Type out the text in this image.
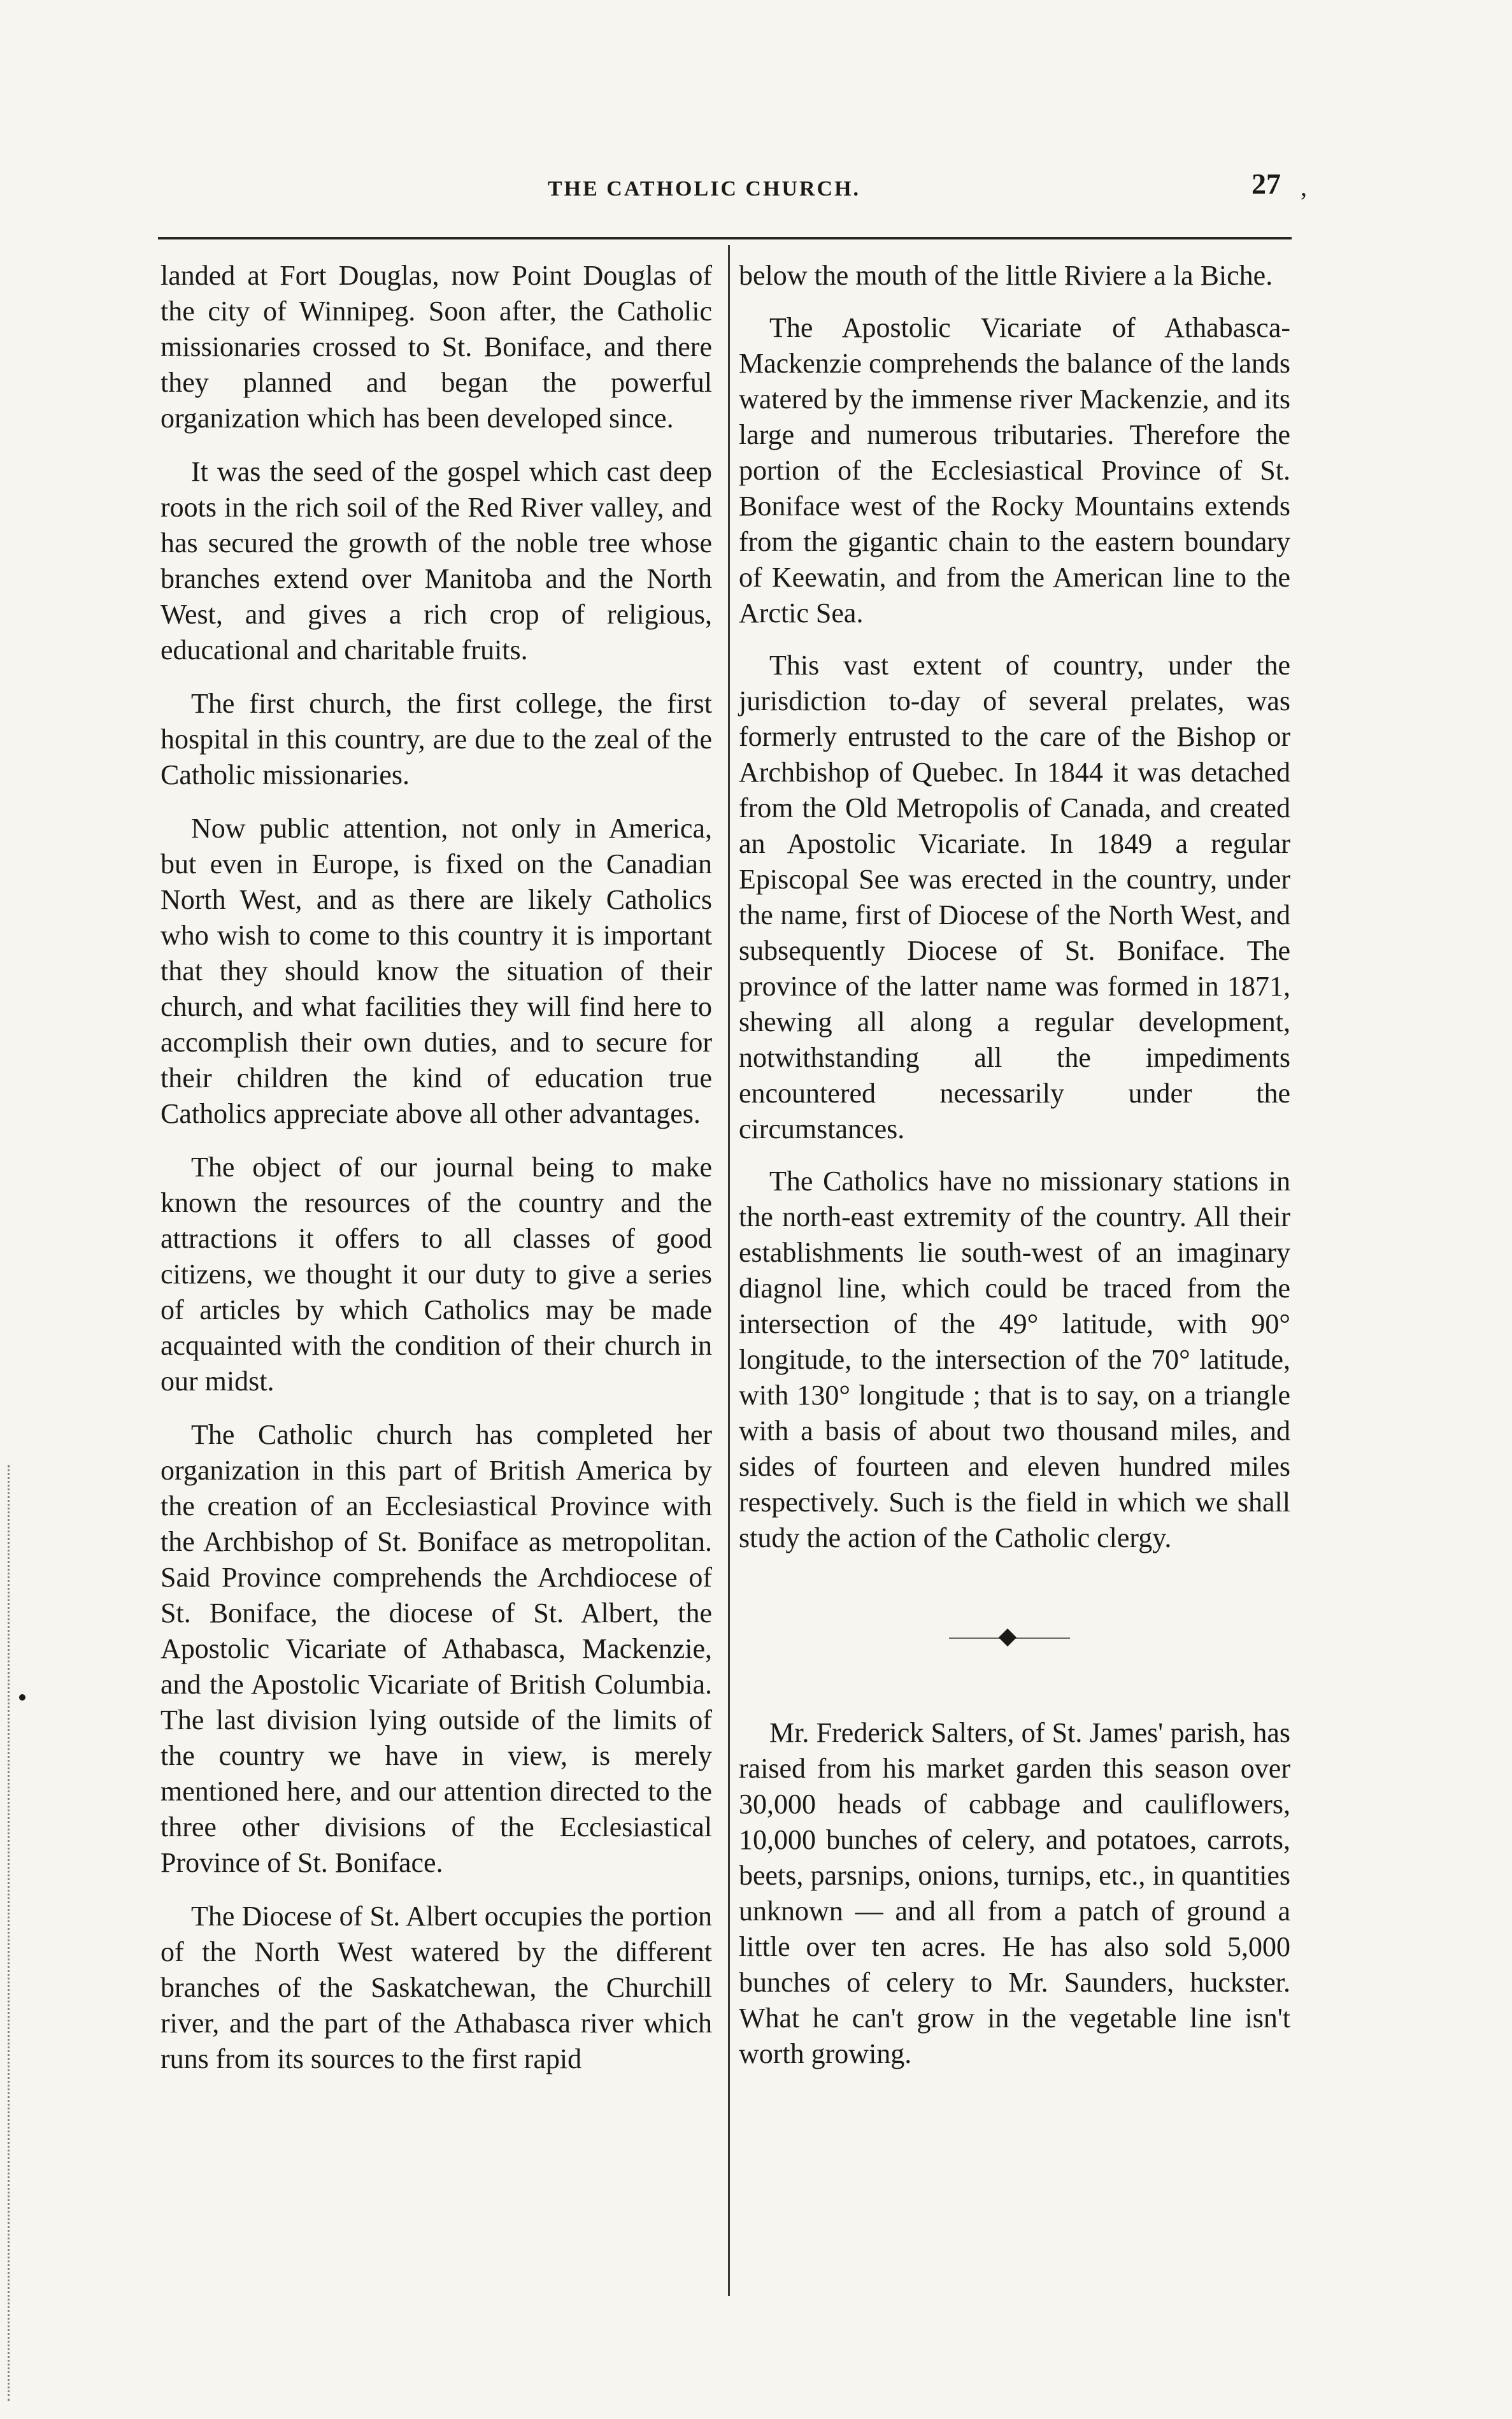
THE CATHOLIC CHURCH.	27 ‚

landed at Fort Douglas, now Point Douglas of the city of Winnipeg. Soon after, the Catholic missionaries crossed to St. Boniface, and there they planned and began the powerful organization which has been developed since.

It was the seed of the gospel which cast deep roots in the rich soil of the Red River valley, and has secured the growth of the noble tree whose branches extend over Manitoba and the North West, and gives a rich crop of religious, educational and charitable fruits.

The first church, the first college, the first hospital in this country, are due to the zeal of the Catholic missionaries.

Now public attention, not only in America, but even in Europe, is fixed on the Canadian North West, and as there are likely Catholics who wish to come to this country it is important that they should know the situation of their church, and what facilities they will find here to accomplish their own duties, and to secure for their children the kind of education true Catholics appreciate above all other advantages.

The object of our journal being to make known the resources of the country and the attractions it offers to all classes of good citizens, we thought it our duty to give a series of articles by which Catholics may be made acquainted with the condition of their church in our midst.

The Catholic church has completed her organization in this part of British America by the creation of an Ecclesiastical Province with the Archbishop of St. Boniface as metropolitan. Said Province comprehends the Archdiocese of St. Boniface, the diocese of St. Albert, the Apostolic Vicariate of Athabasca, Mackenzie, and the Apostolic Vicariate of British Columbia. The last division lying outside of the limits of the country we have in view, is merely mentioned here, and our attention directed to the three other divisions of the Ecclesiastical Province of St. Boniface.

The Diocese of St. Albert occupies the portion of the North West watered by the different branches of the Saskatchewan, the Churchill river, and the part of the Athabasca river which runs from its sources to the first rapid

below the mouth of the little Riviere a la Biche.

The Apostolic Vicariate of Athabasca-Mackenzie comprehends the balance of the lands watered by the immense river Mackenzie, and its large and numerous tributaries. Therefore the portion of the Ecclesiastical Province of St. Boniface west of the Rocky Mountains extends from the gigantic chain to the eastern boundary of Keewatin, and from the American line to the Arctic Sea.

This vast extent of country, under the jurisdiction to-day of several prelates, was formerly entrusted to the care of the Bishop or Archbishop of Quebec. In 1844 it was detached from the Old Metropolis of Canada, and created an Apostolic Vicariate. In 1849 a regular Episcopal See was erected in the country, under the name, first of Diocese of the North West, and subsequently Diocese of St. Boniface. The province of the latter name was formed in 1871, shewing all along a regular development, notwithstanding all the impediments encountered necessarily under the circumstances.

The Catholics have no missionary stations in the north-east extremity of the country. All their establishments lie south-west of an imaginary diagnol line, which could be traced from the intersection of the 49° latitude, with 90° longitude, to the intersection of the 70° latitude, with 130° longitude ; that is to say, on a triangle with a basis of about two thousand miles, and sides of fourteen and eleven hundred miles respectively. Such is the field in which we shall study the action of the Catholic clergy.

Mr. Frederick Salters, of St. James' parish, has raised from his market garden this season over 30,000 heads of cabbage and cauliflowers, 10,000 bunches of celery, and potatoes, carrots, beets, parsnips, onions, turnips, etc., in quantities unknown — and all from a patch of ground a little over ten acres. He has also sold 5,000 bunches of celery to Mr. Saunders, huckster. What he can't grow in the vegetable line isn't worth growing.
